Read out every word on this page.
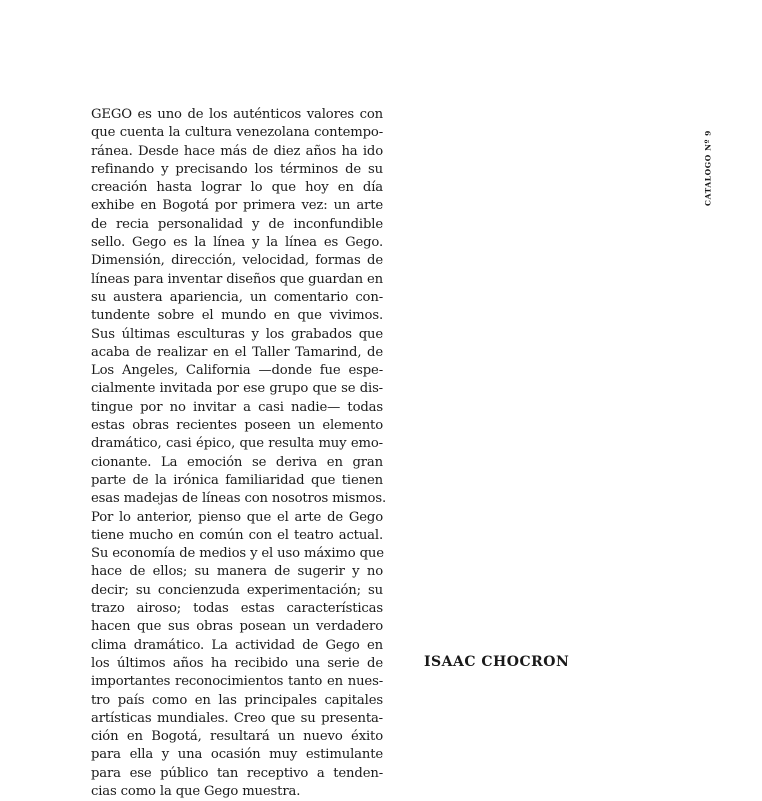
GEGO es uno de los auténticos valores con
que cuenta la cultura venezolana contempo-
ránea. Desde hace más de diez años ha ido
refinando y precisando los términos de su
creación hasta lograr lo que hoy en día
exhibe en Bogotá por primera vez: un arte
de recia personalidad y de inconfundible
sello. Gego es la línea y la línea es Gego.
Dimensión, dirección, velocidad, formas de
líneas para inventar diseños que guardan en
su austera apariencia, un comentario con-
tundente sobre el mundo en que vivimos.
Sus últimas esculturas y los grabados que
acaba de realizar en el Taller Tamarind, de
Los Angeles, California —donde fue espe-
cialmente invitada por ese grupo que se dis-
tingue por no invitar a casi nadie— todas
estas obras recientes poseen un elemento
dramático, casi épico, que resulta muy emo-
cionante. La emoción se deriva en gran
parte de la irónica familiaridad que tienen
esas madejas de líneas con nosotros mismos.
Por lo anterior, pienso que el arte de Gego
tiene mucho en común con el teatro actual.
Su economía de medios y el uso máximo que
hace de ellos; su manera de sugerir y no
decir; su concienzuda experimentación; su
trazo airoso; todas estas características
hacen que sus obras posean un verdadero
clima dramático. La actividad de Gego en
los últimos años ha recibido una serie de
importantes reconocimientos tanto en nues-
tro país como en las principales capitales
artísticas mundiales. Creo que su presenta-
ción en Bogotá, resultará un nuevo éxito
para ella y una ocasión muy estimulante
para ese público tan receptivo a tenden-
cias como la que Gego muestra.
ISAAC CHOCRON
CATALOGO Nº 9
